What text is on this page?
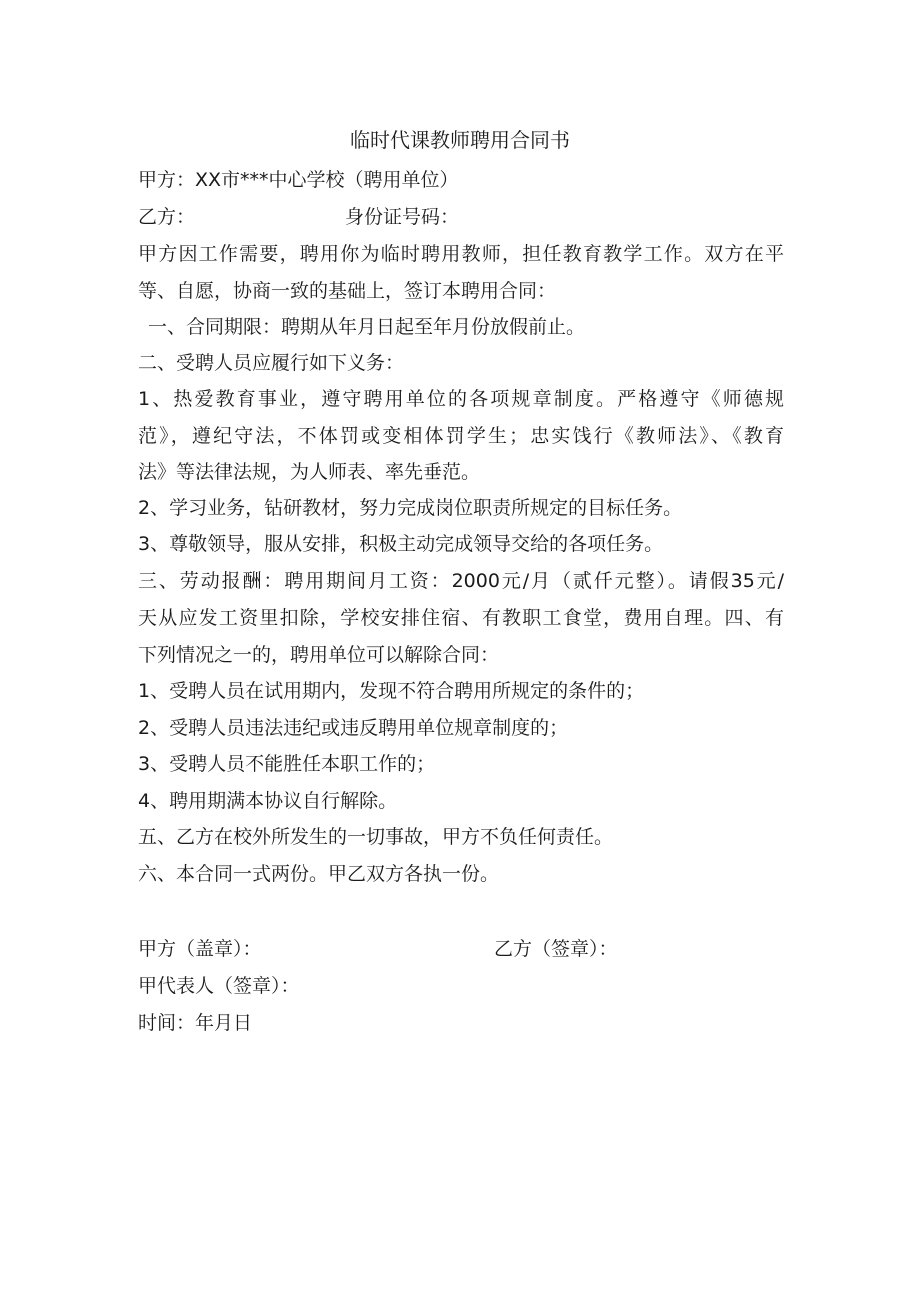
临时代课教师聘用合同书
甲方：XX市***中心学校（聘用单位）
乙方：	身份证号码：
甲方因工作需要，聘用你为临时聘用教师，担任教育教学工作。双方在平
等、自愿，协商一致的基础上，签订本聘用合同：
一、合同期限：聘期从年月日起至年月份放假前止。
二、受聘人员应履行如下义务：
1、热爱教育事业，遵守聘用单位的各项规章制度。严格遵守《师德规
范》，遵纪守法，不体罚或变相体罚学生；忠实饯行《教师法》、《教育
法》等法律法规，为人师表、率先垂范。
2、学习业务，钻研教材，努力完成岗位职责所规定的目标任务。
3、尊敬领导，服从安排，积极主动完成领导交给的各项任务。
三、劳动报酬：聘用期间月工资：2000元/月（贰仟元整）。请假35元/
天从应发工资里扣除，学校安排住宿、有教职工食堂，费用自理。四、有
下列情况之一的，聘用单位可以解除合同：
1、受聘人员在试用期内，发现不符合聘用所规定的条件的；
2、受聘人员违法违纪或违反聘用单位规章制度的；
3、受聘人员不能胜任本职工作的；
4、聘用期满本协议自行解除。
五、乙方在校外所发生的一切事故，甲方不负任何责任。
六、本合同一式两份。甲乙双方各执一份。
甲方（盖章）：	乙方（签章）：
甲代表人（签章）：
时间：年月日
